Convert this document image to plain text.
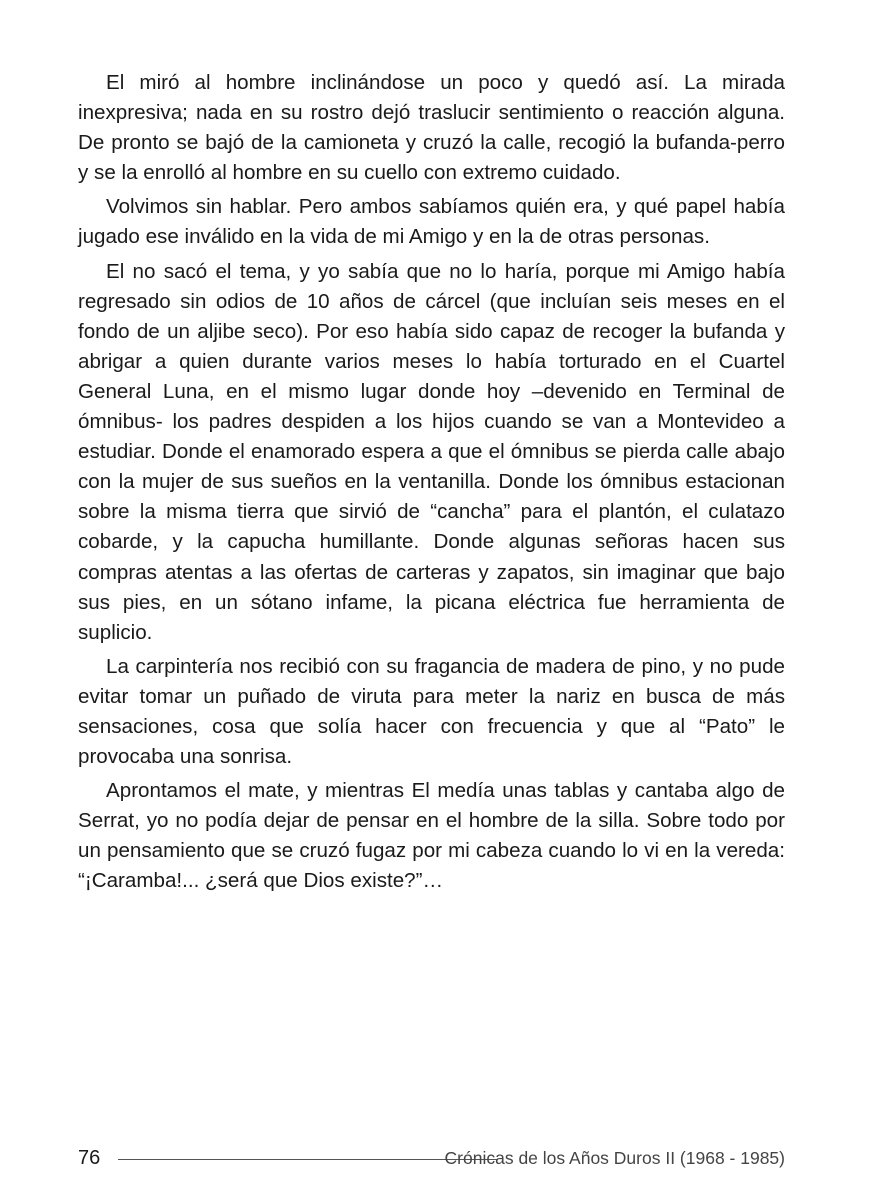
El miró al hombre inclinándose un poco y quedó así. La mirada inexpresiva; nada en su rostro dejó traslucir sentimiento o reacción alguna. De pronto se bajó de la camioneta y cruzó la calle, recogió la bufanda-perro y se la enrolló al hombre en su cuello con extremo cuidado.

Volvimos sin hablar. Pero ambos sabíamos quién era, y qué papel había jugado ese inválido en la vida de mi Amigo y en la de otras personas.

El no sacó el tema, y yo sabía que no lo haría, porque mi Amigo había regresado sin odios de 10 años de cárcel (que incluían seis meses en el fondo de un aljibe seco). Por eso había sido capaz de recoger la bufanda y abrigar a quien durante varios meses lo había torturado en el Cuartel General Luna, en el mismo lugar donde hoy –devenido en Terminal de ómnibus- los padres despiden a los hijos cuando se van a Montevideo a estudiar. Donde el enamorado espera a que el ómnibus se pierda calle abajo con la mujer de sus sueños en la ventanilla. Donde los ómnibus estacionan sobre la misma tierra que sirvió de “cancha” para el plantón, el culatazo cobarde, y la capucha humillante. Donde algunas señoras hacen sus compras atentas a las ofertas de carteras y zapatos, sin imaginar que bajo sus pies, en un sótano infame, la picana eléctrica fue herramienta de suplicio.

La carpintería nos recibió con su fragancia de madera de pino, y no pude evitar tomar un puñado de viruta para meter la nariz en busca de más sensaciones, cosa que solía hacer con frecuencia y que al “Pato” le provocaba una sonrisa.

Aprontamos el mate, y mientras El medía unas tablas y cantaba algo de Serrat, yo no podía dejar de pensar en el hombre de la silla. Sobre todo por un pensamiento que se cruzó fugaz por mi cabeza cuando lo vi en la vereda: “¡Caramba!... ¿será que Dios existe?”…

76	Crónicas de los Años Duros II (1968 - 1985)
